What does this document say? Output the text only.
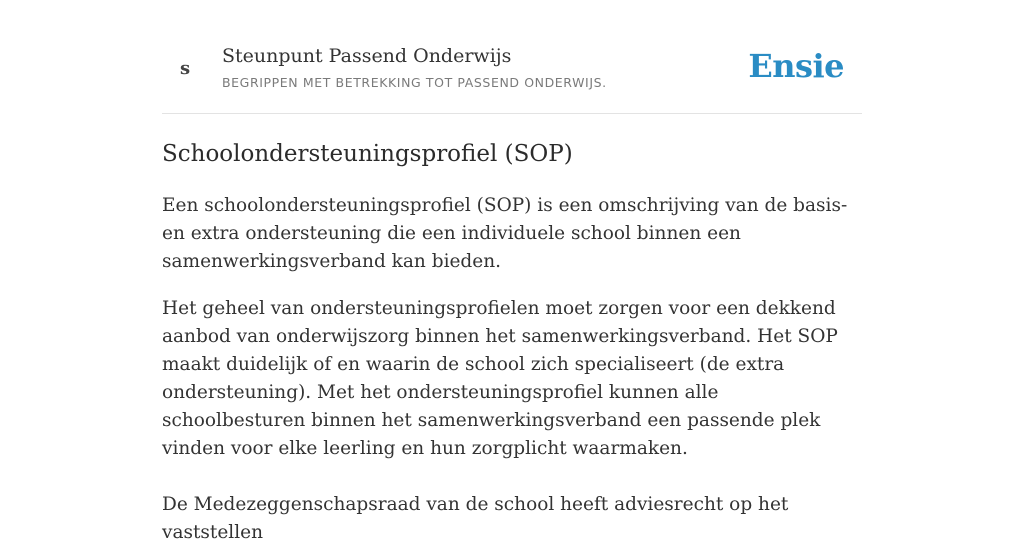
s
Steunpunt Passend Onderwijs
BEGRIPPEN MET BETREKKING TOT PASSEND ONDERWIJS.	Ensie
Schoolondersteuningsprofiel (SOP)

Een schoolondersteuningsprofiel (SOP) is een omschrijving van de basis- en extra ondersteuning die een individuele school binnen een samenwerkingsverband kan bieden.

Het geheel van ondersteuningsprofielen moet zorgen voor een dekkend aanbod van onderwijszorg binnen het samenwerkingsverband. Het SOP maakt duidelijk of en waarin de school zich specialiseert (de extra ondersteuning). Met het ondersteuningsprofiel kunnen alle schoolbesturen binnen het samenwerkingsverband een passende plek vinden voor elke leerling en hun zorgplicht waarmaken.

De Medezeggenschapsraad van de school heeft adviesrecht op het vaststellen
